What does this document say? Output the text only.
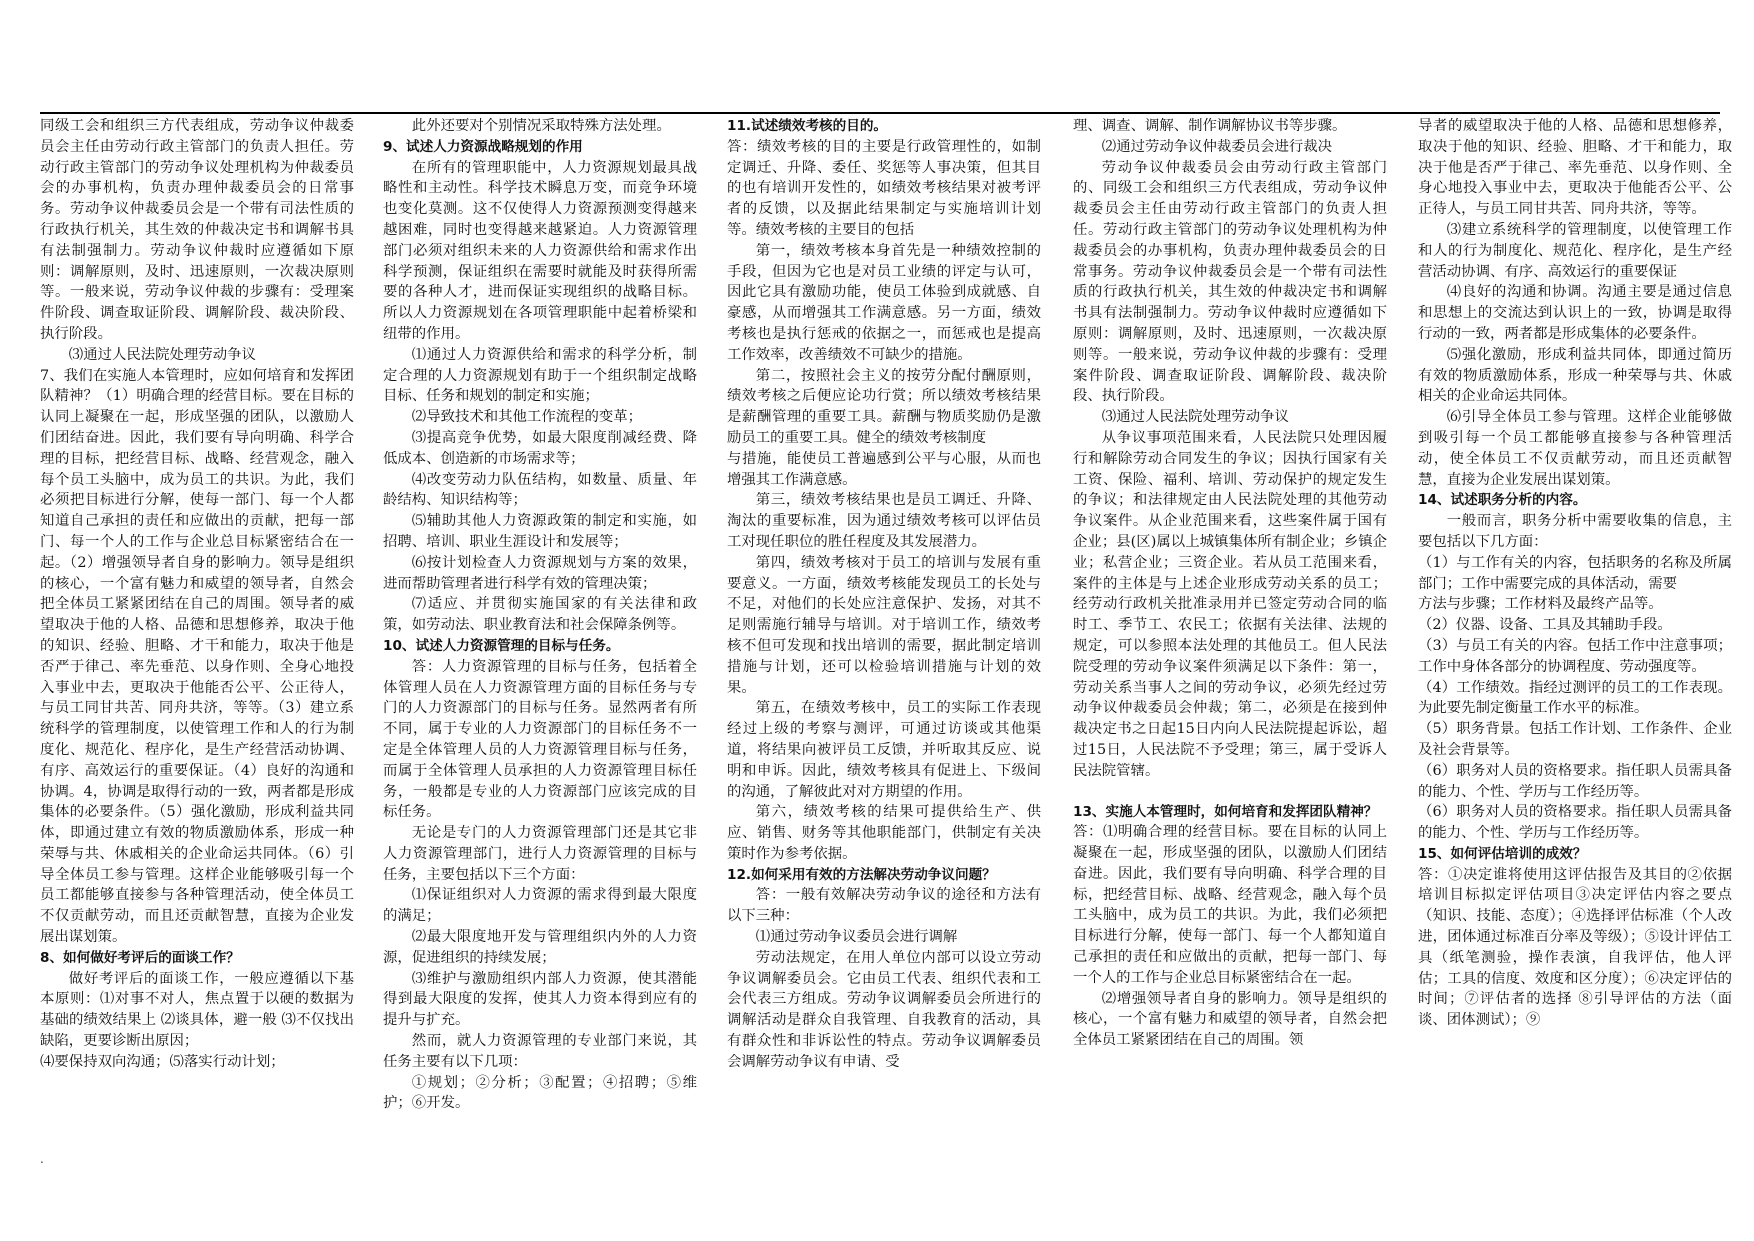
同级工会和组织三方代表组成，劳动争议仲裁委员会主任由劳动行政主管部门的负责人担任。劳动行政主管部门的劳动争议处理机构为仲裁委员会的办事机构，负责办理仲裁委员会的日常事务。劳动争议仲裁委员会是一个带有司法性质的行政执行机关，其生效的仲裁决定书和调解书具有法制强制力。劳动争议仲裁时应遵循如下原则：调解原则，及时、迅速原则，一次裁决原则等。一般来说，劳动争议仲裁的步骤有：受理案件阶段、调查取证阶段、调解阶段、裁决阶段、执行阶段。

⑶通过人民法院处理劳动争议

7、我们在实施人本管理时，应如何培育和发挥团队精神？（1）明确合理的经营目标。要在目标的认同上凝聚在一起，形成坚强的团队，以激励人们团结奋进。因此，我们要有导向明确、科学合理的目标，把经营目标、战略、经营观念，融入每个员工头脑中，成为员工的共识。为此，我们必须把目标进行分解，使每一部门、每一个人都知道自己承担的责任和应做出的贡献，把每一部门、每一个人的工作与企业总目标紧密结合在一起。（2）增强领导者自身的影响力。领导是组织的核心，一个富有魅力和威望的领导者，自然会把全体员工紧紧团结在自己的周围。领导者的威望取决于他的人格、品德和思想修养，取决于他的知识、经验、胆略、才干和能力，取决于他是否严于律己、率先垂范、以身作则、全身心地投入事业中去，更取决于他能否公平、公正待人，与员工同甘共苦、同舟共济，等等。（3）建立系统科学的管理制度，以使管理工作和人的行为制度化、规范化、程序化，是生产经营活动协调、有序、高效运行的重要保证。（4）良好的沟通和协调。4，协调是取得行动的一致，两者都是形成集体的必要条件。（5）强化激励，形成利益共同体，即通过建立有效的物质激励体系，形成一种荣辱与共、休戚相关的企业命运共同体。（6）引导全体员工参与管理。这样企业能够吸引每一个员工都能够直接参与各种管理活动，使全体员工不仅贡献劳动，而且还贡献智慧，直接为企业发展出谋划策。

8、如何做好考评后的面谈工作？

做好考评后的面谈工作，一般应遵循以下基本原则：⑴对事不对人，焦点置于以硬的数据为基础的绩效结果上 ⑵谈具体，避一般 ⑶不仅找出缺陷，更要诊断出原因；

⑷要保持双向沟通；⑸落实行动计划；

此外还要对个别情况采取特殊方法处理。

9、试述人力资源战略规划的作用

在所有的管理职能中，人力资源规划最具战略性和主动性。科学技术瞬息万变，而竞争环境也变化莫测。这不仅使得人力资源预测变得越来越困难，同时也变得越来越紧迫。人力资源管理部门必须对组织未来的人力资源供给和需求作出科学预测，保证组织在需要时就能及时获得所需要的各种人才，进而保证实现组织的战略目标。所以人力资源规划在各项管理职能中起着桥梁和纽带的作用。

⑴通过人力资源供给和需求的科学分析，制定合理的人力资源规划有助于一个组织制定战略目标、任务和规划的制定和实施；

⑵导致技术和其他工作流程的变革；

⑶提高竞争优势，如最大限度削减经费、降低成本、创造新的市场需求等；

⑷改变劳动力队伍结构，如数量、质量、年龄结构、知识结构等；

⑸辅助其他人力资源政策的制定和实施，如招聘、培训、职业生涯设计和发展等；

⑹按计划检查人力资源规划与方案的效果，进而帮助管理者进行科学有效的管理决策；

⑺适应、并贯彻实施国家的有关法律和政策，如劳动法、职业教育法和社会保障条例等。

10、试述人力资源管理的目标与任务。

答：人力资源管理的目标与任务，包括着全体管理人员在人力资源管理方面的目标任务与专门的人力资源部门的目标与任务。显然两者有所不同，属于专业的人力资源部门的目标任务不一定是全体管理人员的人力资源管理目标与任务，而属于全体管理人员承担的人力资源管理目标任务，一般都是专业的人力资源部门应该完成的目标任务。

无论是专门的人力资源管理部门还是其它非人力资源管理部门，进行人力资源管理的目标与任务，主要包括以下三个方面：

⑴保证组织对人力资源的需求得到最大限度的满足；

⑵最大限度地开发与管理组织内外的人力资源，促进组织的持续发展；

⑶维护与激励组织内部人力资源，使其潜能得到最大限度的发挥，使其人力资本得到应有的提升与扩充。

然而，就人力资源管理的专业部门来说，其任务主要有以下几项：

①规划；②分析；③配置；④招聘；⑤维护；⑥开发。

11.试述绩效考核的目的。

答：绩效考核的目的主要是行政管理性的，如制定调迁、升降、委任、奖惩等人事决策，但其目的也有培训开发性的，如绩效考核结果对被考评者的反馈，以及据此结果制定与实施培训计划等。绩效考核的主要目的包括

第一，绩效考核本身首先是一种绩效控制的手段，但因为它也是对员工业绩的评定与认可，因此它具有激励功能，使员工体验到成就感、自豪感，从而增强其工作满意感。另一方面，绩效考核也是执行惩戒的依据之一，而惩戒也是提高工作效率，改善绩效不可缺少的措施。

第二，按照社会主义的按劳分配付酬原则，绩效考核之后便应论功行赏；所以绩效考核结果是薪酬管理的重要工具。薪酬与物质奖励仍是激励员工的重要工具。健全的绩效考核制度

与措施，能使员工普遍感到公平与心服，从而也增强其工作满意感。

第三，绩效考核结果也是员工调迁、升降、淘汰的重要标准，因为通过绩效考核可以评估员工对现任职位的胜任程度及其发展潜力。

第四，绩效考核对于员工的培训与发展有重要意义。一方面，绩效考核能发现员工的长处与不足，对他们的长处应注意保护、发扬，对其不足则需施行辅导与培训。对于培训工作，绩效考核不但可发现和找出培训的需要，据此制定培训措施与计划，还可以检验培训措施与计划的效果。

第五，在绩效考核中，员工的实际工作表现经过上级的考察与测评，可通过访谈或其他渠道，将结果向被评员工反馈，并听取其反应、说明和申诉。因此，绩效考核具有促进上、下级间的沟通，了解彼此对对方期望的作用。

第六，绩效考核的结果可提供给生产、供应、销售、财务等其他职能部门，供制定有关决策时作为参考依据。

12.如何采用有效的方法解决劳动争议问题？

答：一般有效解决劳动争议的途径和方法有以下三种：

⑴通过劳动争议委员会进行调解

劳动法规定，在用人单位内部可以设立劳动争议调解委员会。它由员工代表、组织代表和工会代表三方组成。劳动争议调解委员会所进行的调解活动是群众自我管理、自我教育的活动，具有群众性和非诉讼性的特点。劳动争议调解委员会调解劳动争议有申请、受

理、调查、调解、制作调解协议书等步骤。

⑵通过劳动争议仲裁委员会进行裁决

劳动争议仲裁委员会由劳动行政主管部门的、同级工会和组织三方代表组成，劳动争议仲裁委员会主任由劳动行政主管部门的负责人担任。劳动行政主管部门的劳动争议处理机构为仲裁委员会的办事机构，负责办理仲裁委员会的日常事务。劳动争议仲裁委员会是一个带有司法性质的行政执行机关，其生效的仲裁决定书和调解书具有法制强制力。劳动争议仲裁时应遵循如下原则：调解原则，及时、迅速原则，一次裁决原则等。一般来说，劳动争议仲裁的步骤有：受理案件阶段、调查取证阶段、调解阶段、裁决阶段、执行阶段。

⑶通过人民法院处理劳动争议

从争议事项范围来看，人民法院只处理因履行和解除劳动合同发生的争议；因执行国家有关工资、保险、福利、培训、劳动保护的规定发生的争议；和法律规定由人民法院处理的其他劳动争议案件。从企业范围来看，这些案件属于国有企业；县(区)属以上城镇集体所有制企业；乡镇企业；私营企业；三资企业。若从员工范围来看，案件的主体是与上述企业形成劳动关系的员工；经劳动行政机关批准录用并已签定劳动合同的临时工、季节工、农民工；依据有关法律、法规的规定，可以参照本法处理的其他员工。但人民法院受理的劳动争议案件须满足以下条件：第一，劳动关系当事人之间的劳动争议，必须先经过劳动争议仲裁委员会仲裁；第二，必须是在接到仲裁决定书之日起15日内向人民法院提起诉讼，超过15日，人民法院不予受理；第三，属于受诉人民法院管辖。

13、实施人本管理时，如何培育和发挥团队精神？

答：⑴明确合理的经营目标。要在目标的认同上凝聚在一起，形成坚强的团队，以激励人们团结奋进。因此，我们要有导向明确、科学合理的目标，把经营目标、战略、经营观念，融入每个员工头脑中，成为员工的共识。为此，我们必须把目标进行分解，使每一部门、每一个人都知道自己承担的责任和应做出的贡献，把每一部门、每一个人的工作与企业总目标紧密结合在一起。

⑵增强领导者自身的影响力。领导是组织的核心，一个富有魅力和威望的领导者，自然会把全体员工紧紧团结在自己的周围。领

导者的威望取决于他的人格、品德和思想修养，取决于他的知识、经验、胆略、才干和能力，取决于他是否严于律己、率先垂范、以身作则、全身心地投入事业中去，更取决于他能否公平、公正待人，与员工同甘共苦、同舟共济，等等。

⑶建立系统科学的管理制度，以使管理工作和人的行为制度化、规范化、程序化，是生产经营活动协调、有序、高效运行的重要保证

⑷良好的沟通和协调。沟通主要是通过信息和思想上的交流达到认识上的一致，协调是取得行动的一致，两者都是形成集体的必要条件。

⑸强化激励，形成利益共同体，即通过简历有效的物质激励体系，形成一种荣辱与共、休戚相关的企业命运共同体。

⑹引导全体员工参与管理。这样企业能够做到吸引每一个员工都能够直接参与各种管理活动，使全体员工不仅贡献劳动，而且还贡献智慧，直接为企业发展出谋划策。

14、试述职务分析的内容。

一般而言，职务分析中需要收集的信息，主要包括以下几方面：

（1）与工作有关的内容，包括职务的名称及所属部门；工作中需要完成的具体活动，需要

方法与步骤；工作材料及最终产品等。

（2）仪器、设备、工具及其辅助手段。

（3）与员工有关的内容。包括工作中注意事项；工作中身体各部分的协调程度、劳动强度等。

（4）工作绩效。指经过测评的员工的工作表现。为此要先制定衡量工作水平的标准。

（5）职务背景。包括工作计划、工作条件、企业及社会背景等。

（6）职务对人员的资格要求。指任职人员需具备的能力、个性、学历与工作经历等。

（6）职务对人员的资格要求。指任职人员需具备的能力、个性、学历与工作经历等。

15、如何评估培训的成效？

答：①决定谁将使用这评估报告及其目的②依据培训目标拟定评估项目③决定评估内容之要点（知识、技能、态度）；④选择评估标准（个人改进，团体通过标准百分率及等级）；⑤设计评估工具（纸笔测验，操作表演，自我评估，他人评估；工具的信度、效度和区分度）；⑥决定评估的时间；⑦评估者的选择 ⑧引导评估的方法（面谈、团体测试）；⑨

.
